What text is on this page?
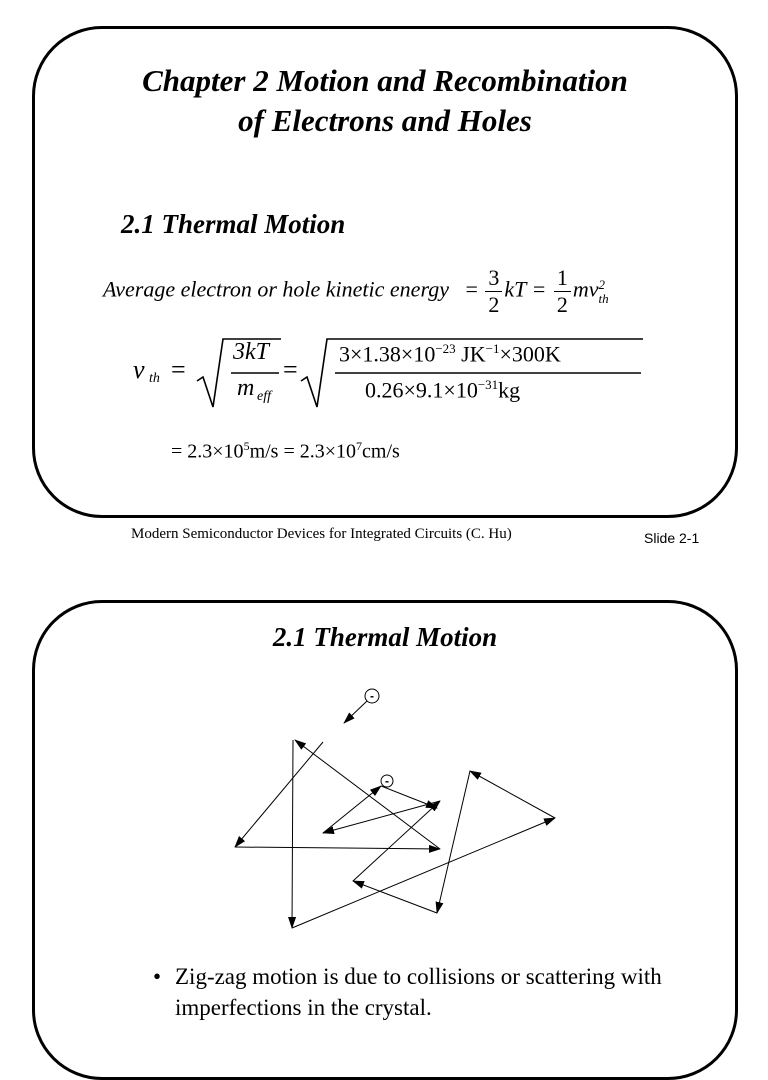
Chapter 2 Motion and Recombination
of Electrons and Holes
2.1 Thermal Motion
Average electron or hole kinetic energy = $\frac{3}{2}$ kT = $\frac{1}{2}$ mv 2
th
v th =
3kT
m eff
=
$3\times 1.38\times 10^{-23}$ $JK^{-1}\times 300K$
$0.26\times 9.1\times 10^{-31}kg$
= $2.3\times 10^5m/s = 2.3\times 10^7cm/s$
Modern Semiconductor Devices for Integrated Circuits (C. Hu)	Slide 2-1
2.1 Thermal Motion
-
-
• Zig-zag motion is due to collisions or scattering with imperfections in the crystal.
